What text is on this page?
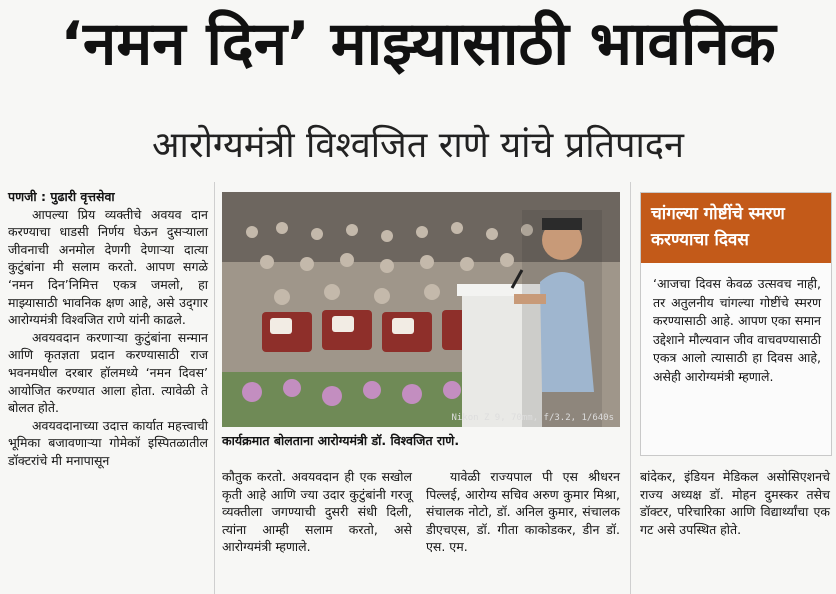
‘नमन दिन’ माझ्यासाठी भावनिक
आरोग्यमंत्री विश्वजित राणे यांचे प्रतिपादन

पणजी : पुढारी वृत्तसेवा

आपल्या प्रिय व्यक्तीचे अवयव दान करण्याचा धाडसी निर्णय घेऊन दुसऱ्याला जीवनाची अनमोल देणगी देणाऱ्या दात्या कुटुंबांना मी सलाम करतो. आपण सगळे ‘नमन दिन’निमित्त एकत्र जमलो, हा माझ्यासाठी भावनिक क्षण आहे, असे उद्‌गार आरोग्यमंत्री विश्वजित राणे यांनी काढले.

अवयवदान करणाऱ्या कुटुंबांना सन्मान आणि कृतज्ञता प्रदान करण्यासाठी राज भवनमधील दरबार हॉलमध्ये ‘नमन दिवस’ आयोजित करण्यात आला होता. त्यावेळी ते बोलत होते.

अवयवदानाच्या उदात्त कार्यात महत्त्वाची भूमिका बजावणाऱ्या गोमेकॉ इस्पितळातील डॉक्टरांचे मी मनापासून

Nikon Z 9, 70mm, f/3.2, 1/640s
कार्यक्रमात बोलताना आरोग्यमंत्री डॉ. विश्वजित राणे.
चांगल्या गोष्टींचे स्मरण करण्याचा दिवस
‘आजचा दिवस केवळ उत्सवच नाही, तर अतुलनीय चांगल्या गोष्टींचे स्मरण करण्यासाठी आहे. आपण एका समान उद्देशाने मौल्यवान जीव वाचवण्यासाठी एकत्र आलो त्यासाठी हा दिवस आहे, असेही आरोग्यमंत्री म्हणाले.

कौतुक करतो. अवयवदान ही एक सखोल कृती आहे आणि ज्या उदार कुटुंबांनी गरजू व्यक्तीला जगण्याची दुसरी संधी दिली, त्यांना आम्ही सलाम करतो, असे आरोग्यमंत्री म्हणाले.

यावेळी राज्यपाल पी एस श्रीधरन पिल्लई, आरोग्य सचिव अरुण कुमार मिश्रा, संचालक नोटो, डॉ. अनिल कुमार, संचालक डीएचएस, डॉ. गीता काकोडकर, डीन डॉ. एस. एम.

बांदेकर, इंडियन मेडिकल असोसिएशनचे राज्य अध्यक्ष डॉ. मोहन दुमस्कर तसेच डॉक्टर, परिचारिका आणि विद्यार्थ्यांचा एक गट असे उपस्थित होते.
